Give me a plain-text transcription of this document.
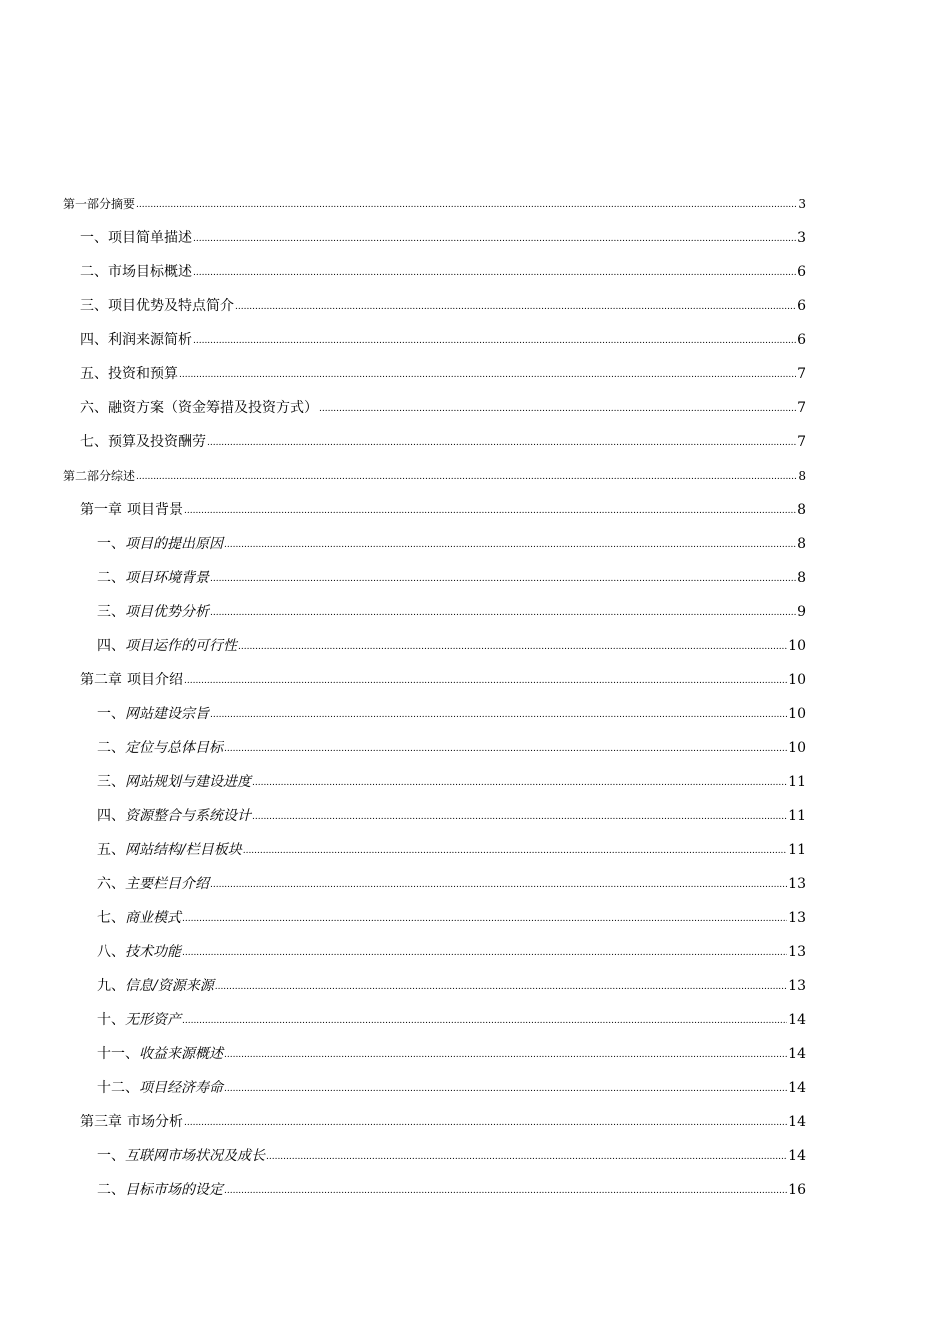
第一部分 摘要 .....	3
一、 项目简单描述 .....	3
二、 市场目标概述 .....	6
三、 项目优势及特点简介 .....	6
四、 利润来源简析 .....	6
五、 投资和预算 .....	7
六、 融资方案（资金筹措及投资方式） .....	7
七、 预算及投资酬劳 .....	7
第二部分 综述 .....	8
第一章 项目背景 .....	8
一、 项目的提出原因 .....	8
二、 项目环境背景 .....	8
三、 项目优势分析 .....	9
四、 项目运作的可行性 .....	10
第二章 项目介绍 .....	10
一、 网站建设宗旨 .....	10
二、 定位与总体目标 .....	10
三、 网站规划与建设进度 .....	11
四、 资源整合与系统设计 .....	11
五、 网站结构/栏目板块 .....	11
六、 主要栏目介绍 .....	13
七、 商业模式 .....	13
八、 技术功能 .....	13
九、 信息/资源来源 .....	13
十、 无形资产 .....	14
十一、 收益来源概述 .....	14
十二、 项目经济寿命 .....	14
第三章 市场分析 .....	14
一、 互联网市场状况及成长 .....	14
二、 目标市场的设定 .....	16
